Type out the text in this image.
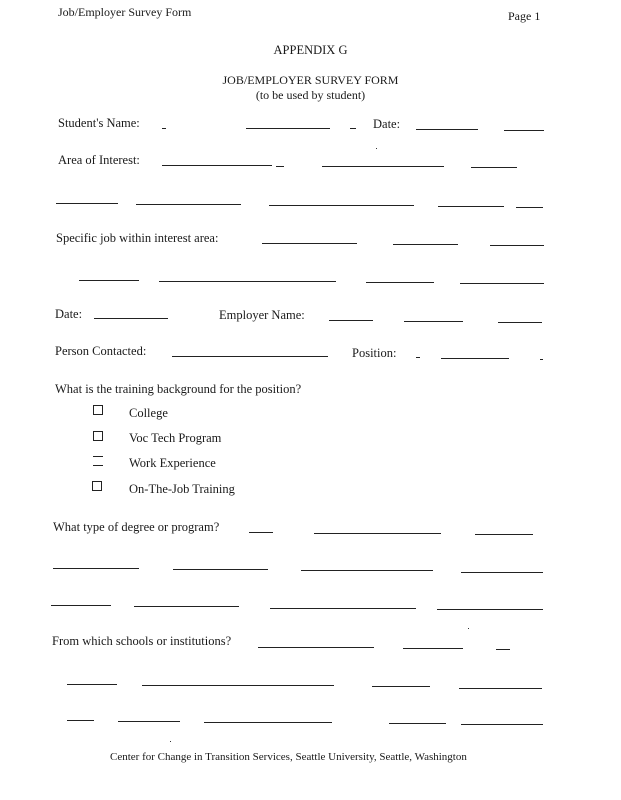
Job/Employer Survey Form	Page 1
APPENDIX G
JOB/EMPLOYER SURVEY FORM
(to be used by student)
Student's Name:	Date:
Area of Interest:
Specific job within interest area:
Date:	Employer Name:
Person Contacted:	Position:
What is the training background for the position?
College
Voc Tech Program
Work Experience
On-The-Job Training
What type of degree or program?
From which schools or institutions?
Center for Change in Transition Services, Seattle University, Seattle, Washington
